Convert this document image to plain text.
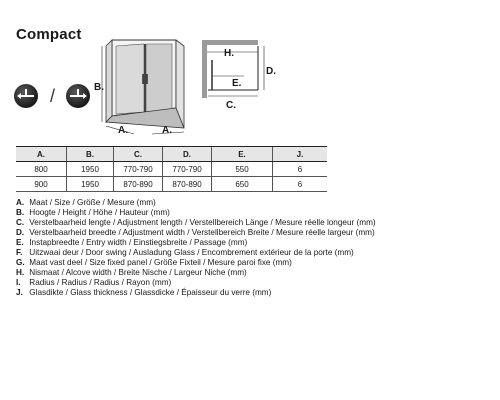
Compact
/	B.
A.	A.
H.
E.
D.
C.
A.	B.	C.	D.	E.	J.
800	1950	770-790	770-790	550	6
900	1950	870-890	870-890	650	6
A. Maat / Size / Größe / Mesure (mm)
B. Hoogte / Height / Höhe / Hauteur (mm)
C. Verstelbaarheid lengte / Adjustment length / Verstellbereich Länge / Mesure réelle longeur (mm)
D. Verstelbaarheid breedte / Adjustment width / Verstellbereich Breite / Mesure réelle largeur (mm)
E. Instapbreedte / Entry width / Einstiegsbreite / Passage (mm)
F. Uitzwaai deur / Door swing / Ausladung Glass / Encombrement extérieur de la porte (mm)
G. Maat vast deel / Size fixed panel / Größe Fixteil / Mesure paroi fixe (mm)
H. Nismaat / Alcove width / Breite Nische / Largeur Niche (mm)
I. Radius / Radius / Radius / Rayon (mm)
J. Glasdikte / Glass thickness / Glassdicke / Épaisseur du verre (mm)
